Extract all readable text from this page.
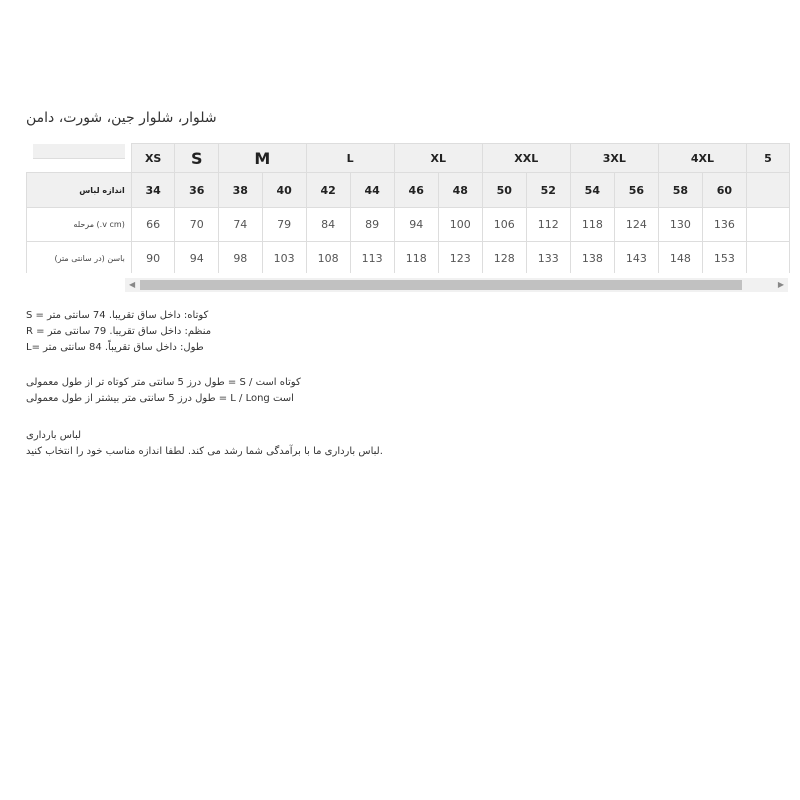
شلوار، شلوار جین، شورت، دامن
	XS	S	M		L		XL		XXL		3XL		4XL		5
اندازه لباس	34	36	38	40	42	44	46	48	50	52	54	56	58	60	
(v cm.) مرحله	66	70	74	79	84	89	94	100	106	112	118	124	130	136	
باسن (در سانتی متر)	90	94	98	103	108	113	118	123	128	133	138	143	148	153	
◀	▶
کوتاه: داخل ساق تقریبا. 74 سانتی متر = S
منظم: داخل ساق تقریبا. 79 سانتی متر = R
طول: داخل ساق تقریباً. 84 سانتی متر =L
کوتاه است / S = طول درز 5 سانتی متر کوتاه تر از طول معمولی
است L / Long = طول درز 5 سانتی متر بیشتر از طول معمولی
لباس بارداری
.لباس بارداری ما با برآمدگی شما رشد می کند. لطفا اندازه مناسب خود را انتخاب کنید
